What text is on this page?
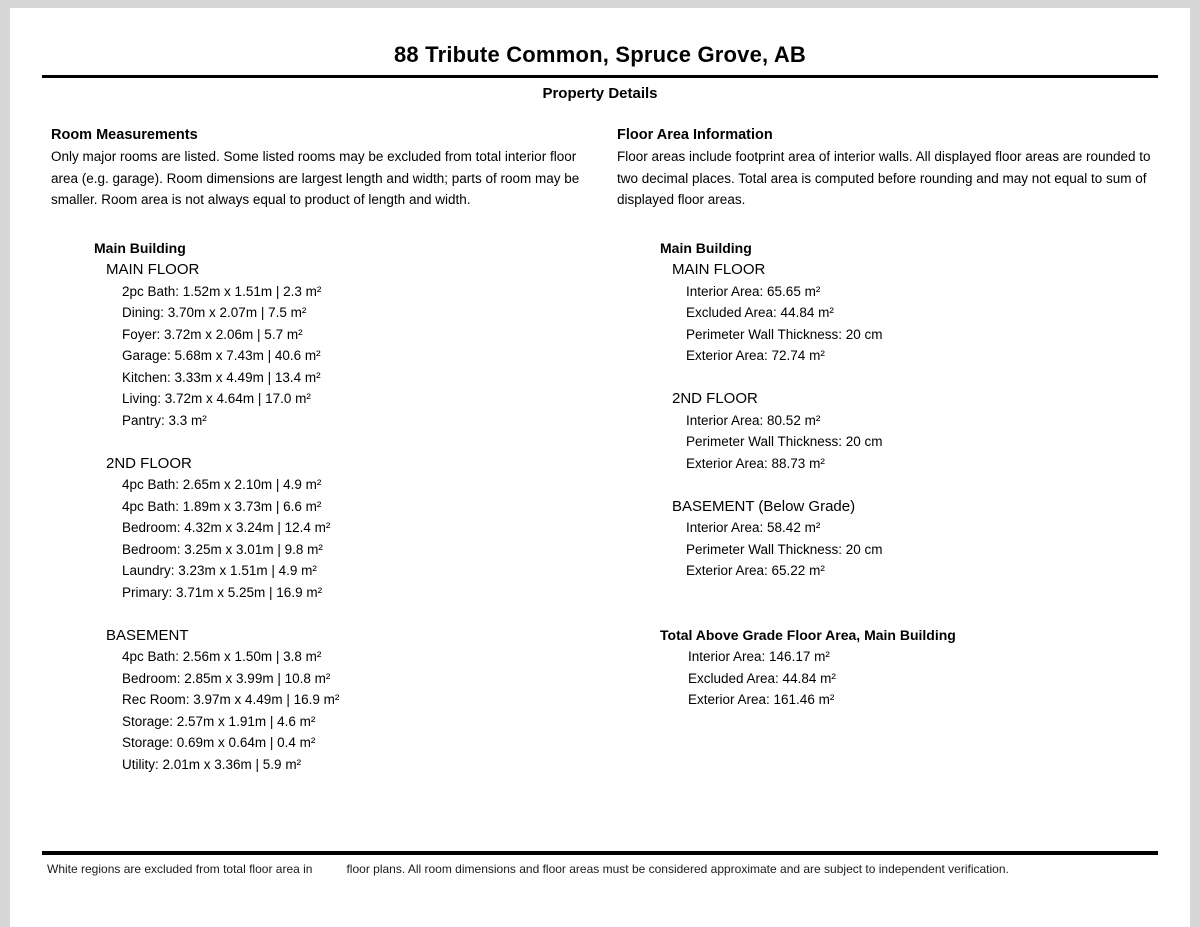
88 Tribute Common, Spruce Grove, AB
Property Details
Room Measurements
Only major rooms are listed. Some listed rooms may be excluded from total interior floor area (e.g. garage). Room dimensions are largest length and width; parts of room may be smaller. Room area is not always equal to product of length and width.
Main Building
MAIN FLOOR
2pc Bath: 1.52m x 1.51m | 2.3 m²
Dining: 3.70m x 2.07m | 7.5 m²
Foyer: 3.72m x 2.06m | 5.7 m²
Garage: 5.68m x 7.43m | 40.6 m²
Kitchen: 3.33m x 4.49m | 13.4 m²
Living: 3.72m x 4.64m | 17.0 m²
Pantry: 3.3 m²
2ND FLOOR
4pc Bath: 2.65m x 2.10m | 4.9 m²
4pc Bath: 1.89m x 3.73m | 6.6 m²
Bedroom: 4.32m x 3.24m | 12.4 m²
Bedroom: 3.25m x 3.01m | 9.8 m²
Laundry: 3.23m x 1.51m | 4.9 m²
Primary: 3.71m x 5.25m | 16.9 m²
BASEMENT
4pc Bath: 2.56m x 1.50m | 3.8 m²
Bedroom: 2.85m x 3.99m | 10.8 m²
Rec Room: 3.97m x 4.49m | 16.9 m²
Storage: 2.57m x 1.91m | 4.6 m²
Storage: 0.69m x 0.64m | 0.4 m²
Utility: 2.01m x 3.36m | 5.9 m²
Floor Area Information
Floor areas include footprint area of interior walls. All displayed floor areas are rounded to two decimal places. Total area is computed before rounding and may not equal to sum of displayed floor areas.
Main Building
MAIN FLOOR
Interior Area: 65.65 m²
Excluded Area: 44.84 m²
Perimeter Wall Thickness: 20 cm
Exterior Area: 72.74 m²
2ND FLOOR
Interior Area: 80.52 m²
Perimeter Wall Thickness: 20 cm
Exterior Area: 88.73 m²
BASEMENT (Below Grade)
Interior Area: 58.42 m²
Perimeter Wall Thickness: 20 cm
Exterior Area: 65.22 m²
Total Above Grade Floor Area, Main Building
Interior Area: 146.17 m²
Excluded Area: 44.84 m²
Exterior Area: 161.46 m²
White regions are excluded from total floor area in	floor plans. All room dimensions and floor areas must be considered approximate and are subject to independent verification.
